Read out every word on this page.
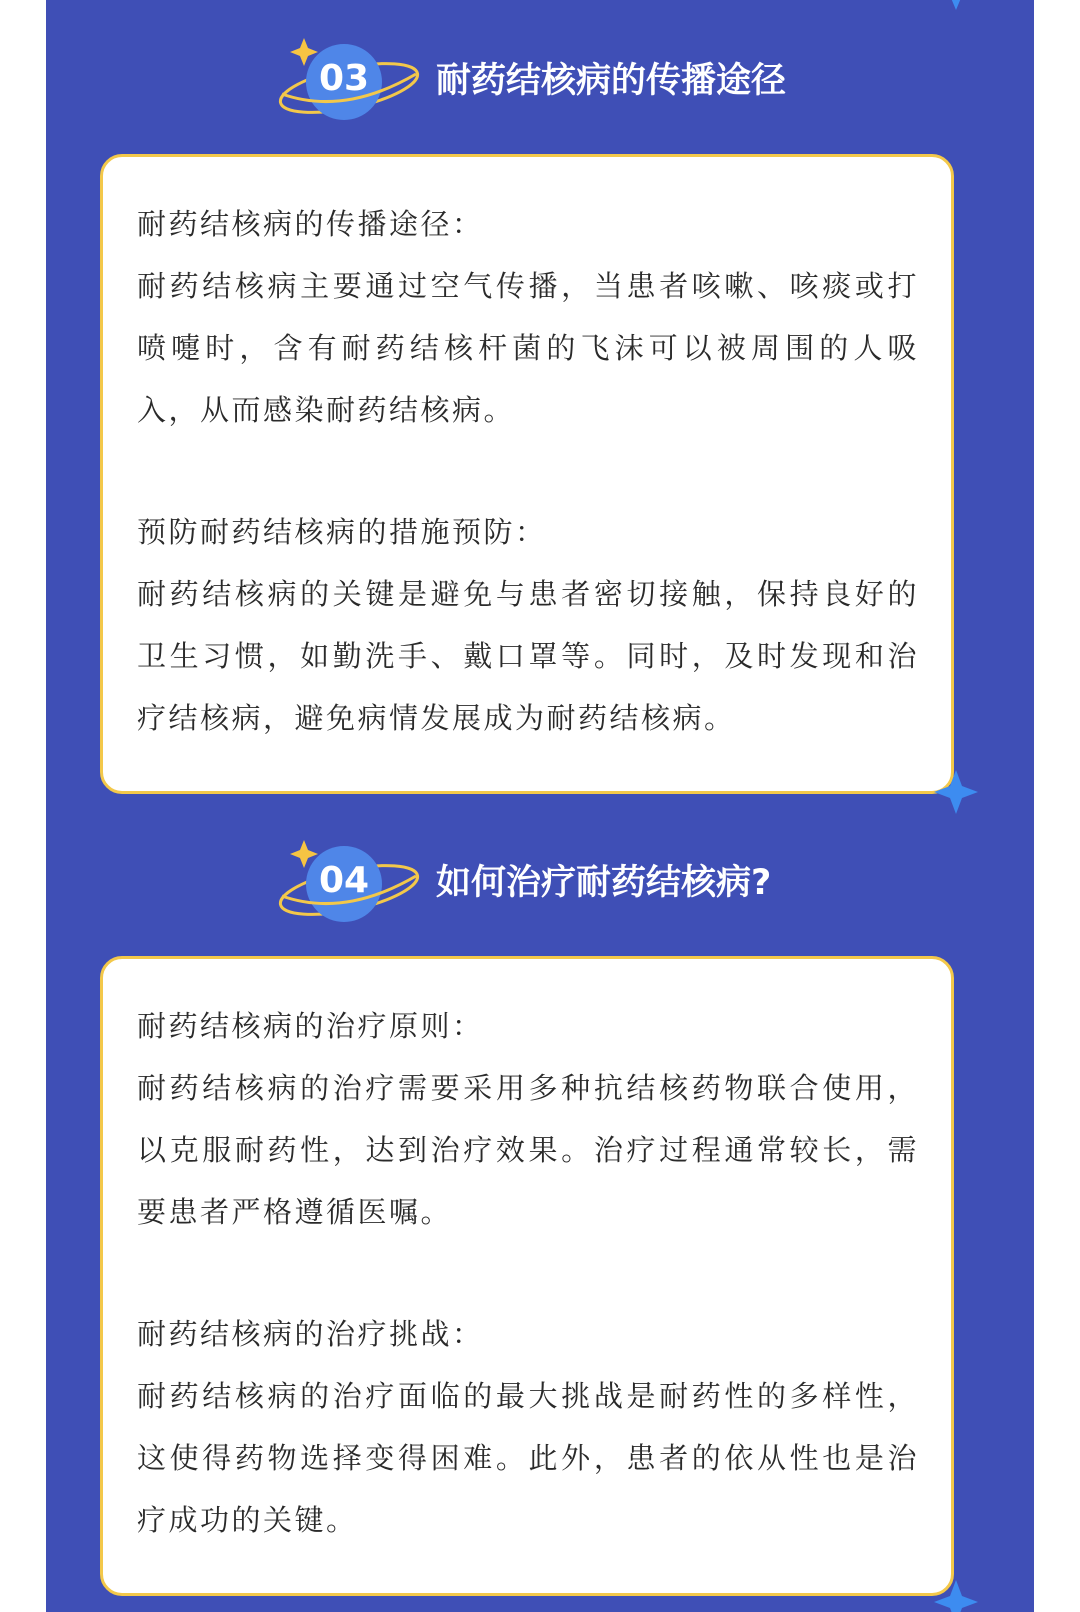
03	耐药结核病的传播途径

耐药结核病的传播途径：

耐药结核病主要通过空气传播，当患者咳嗽、咳痰或打喷嚏时，含有耐药结核杆菌的飞沫可以被周围的人吸入，从而感染耐药结核病。

预防耐药结核病的措施预防：

耐药结核病的关键是避免与患者密切接触，保持良好的卫生习惯，如勤洗手、戴口罩等。同时，及时发现和治疗结核病，避免病情发展成为耐药结核病。

04	如何治疗耐药结核病?

耐药结核病的治疗原则：

耐药结核病的治疗需要采用多种抗结核药物联合使用，以克服耐药性，达到治疗效果。治疗过程通常较长，需要患者严格遵循医嘱。

耐药结核病的治疗挑战：

耐药结核病的治疗面临的最大挑战是耐药性的多样性，这使得药物选择变得困难。此外，患者的依从性也是治疗成功的关键。
